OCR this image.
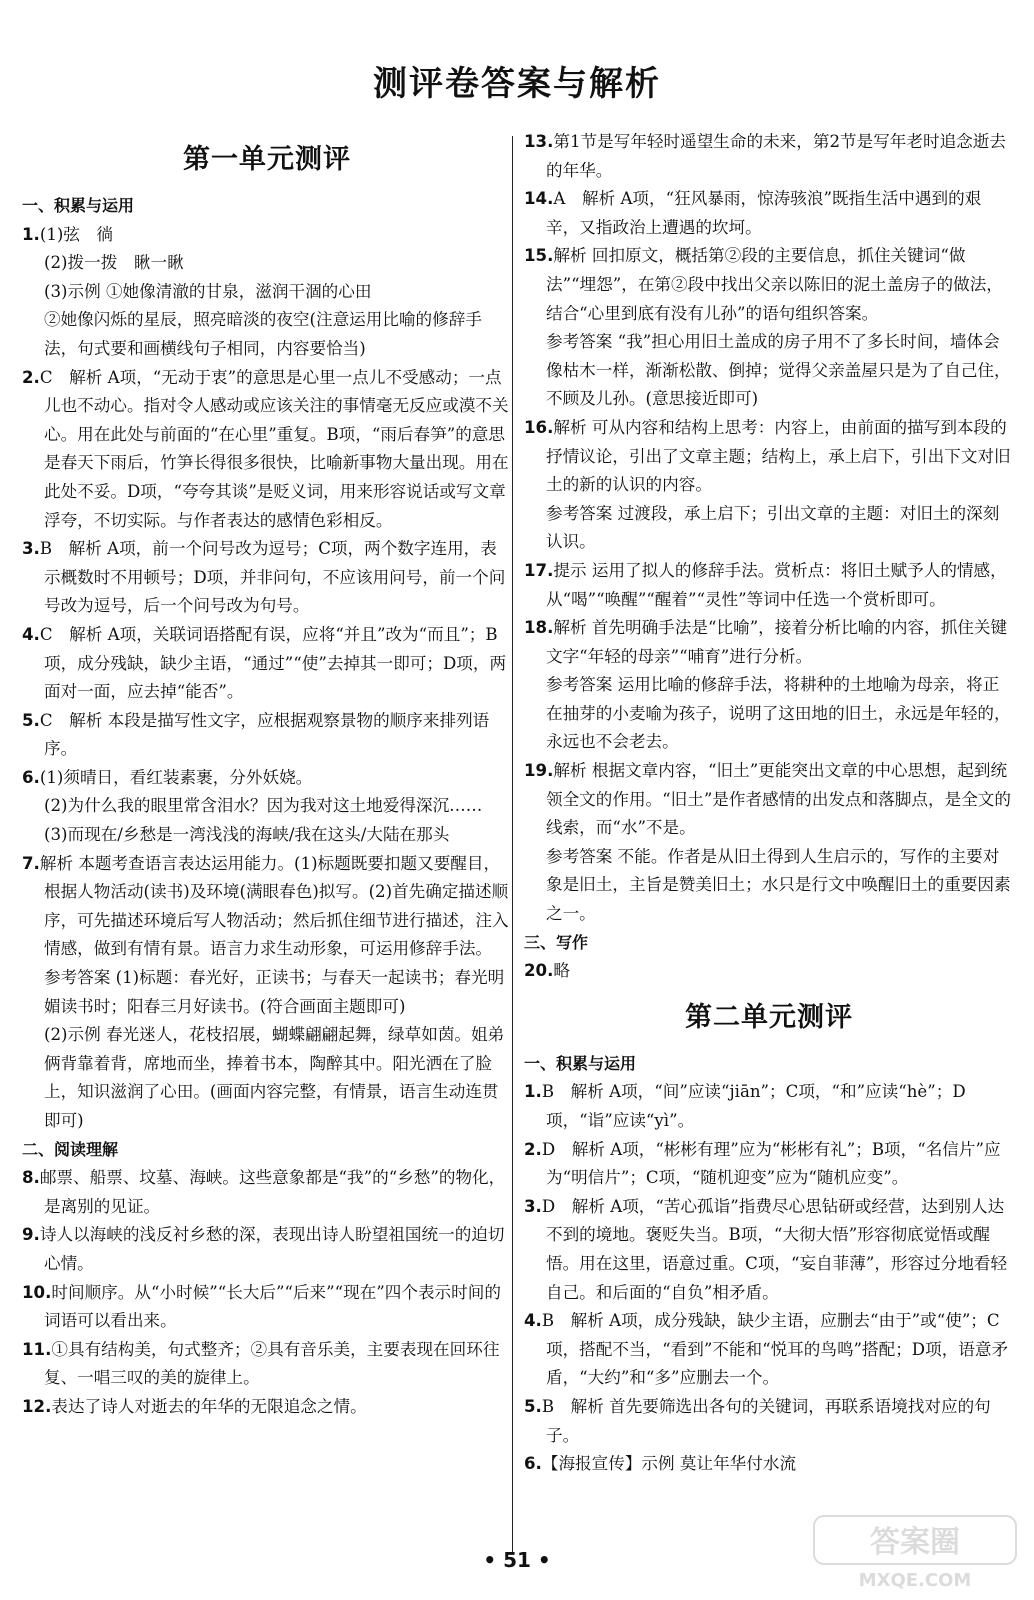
测评卷答案与解析
第一单元测评
一、积累与运用
1.(1)弦　徜
(2)拨一拨　瞅一瞅
(3)示例 ①她像清澈的甘泉，滋润干涸的心田
②她像闪烁的星辰，照亮暗淡的夜空(注意运用比喻的修辞手法，句式要和画横线句子相同，内容要恰当)
2.C　解析 A项，“无动于衷”的意思是心里一点儿不受感动；一点儿也不动心。指对令人感动或应该关注的事情毫无反应或漠不关心。用在此处与前面的“在心里”重复。B项，“雨后春笋”的意思是春天下雨后，竹笋长得很多很快，比喻新事物大量出现。用在此处不妥。D项，“夸夸其谈”是贬义词，用来形容说话或写文章浮夸，不切实际。与作者表达的感情色彩相反。
3.B　解析 A项，前一个问号改为逗号；C项，两个数字连用，表示概数时不用顿号；D项，并非问句，不应该用问号，前一个问号改为逗号，后一个问号改为句号。
4.C　解析 A项，关联词语搭配有误，应将“并且”改为“而且”；B项，成分残缺，缺少主语，“通过”“使”去掉其一即可；D项，两面对一面，应去掉“能否”。
5.C　解析 本段是描写性文字，应根据观察景物的顺序来排列语序。
6.(1)须晴日，看红装素裹，分外妖娆。
(2)为什么我的眼里常含泪水？因为我对这土地爱得深沉……
(3)而现在/乡愁是一湾浅浅的海峡/我在这头/大陆在那头
7.解析 本题考查语言表达运用能力。(1)标题既要扣题又要醒目，根据人物活动(读书)及环境(满眼春色)拟写。(2)首先确定描述顺序，可先描述环境后写人物活动；然后抓住细节进行描述，注入情感，做到有情有景。语言力求生动形象，可运用修辞手法。
参考答案 (1)标题：春光好，正读书；与春天一起读书；春光明媚读书时；阳春三月好读书。(符合画面主题即可)
(2)示例 春光迷人，花枝招展，蝴蝶翩翩起舞，绿草如茵。姐弟俩背靠着背，席地而坐，捧着书本，陶醉其中。阳光洒在了脸上，知识滋润了心田。(画面内容完整，有情景，语言生动连贯即可)
二、阅读理解
8.邮票、船票、坟墓、海峡。这些意象都是“我”的“乡愁”的物化，是离别的见证。
9.诗人以海峡的浅反衬乡愁的深，表现出诗人盼望祖国统一的迫切心情。
10.时间顺序。从“小时候”“长大后”“后来”“现在”四个表示时间的词语可以看出来。
11.①具有结构美，句式整齐；②具有音乐美，主要表现在回环往复、一唱三叹的美的旋律上。
12.表达了诗人对逝去的年华的无限追念之情。
13.第1节是写年轻时遥望生命的未来，第2节是写年老时追念逝去的年华。
14.A　解析 A项，“狂风暴雨，惊涛骇浪”既指生活中遇到的艰辛，又指政治上遭遇的坎坷。
15.解析 回扣原文，概括第②段的主要信息，抓住关键词“做法”“埋怨”，在第②段中找出父亲以陈旧的泥土盖房子的做法，结合“心里到底有没有儿孙”的语句组织答案。
参考答案 “我”担心用旧土盖成的房子用不了多长时间，墙体会像枯木一样，渐渐松散、倒掉；觉得父亲盖屋只是为了自己住，不顾及儿孙。(意思接近即可)
16.解析 可从内容和结构上思考：内容上，由前面的描写到本段的抒情议论，引出了文章主题；结构上，承上启下，引出下文对旧土的新的认识的内容。
参考答案 过渡段，承上启下；引出文章的主题：对旧土的深刻认识。
17.提示 运用了拟人的修辞手法。赏析点：将旧土赋予人的情感，从“喝”“唤醒”“醒着”“灵性”等词中任选一个赏析即可。
18.解析 首先明确手法是“比喻”，接着分析比喻的内容，抓住关键文字“年轻的母亲”“哺育”进行分析。
参考答案 运用比喻的修辞手法，将耕种的土地喻为母亲，将正在抽芽的小麦喻为孩子，说明了这田地的旧土，永远是年轻的，永远也不会老去。
19.解析 根据文章内容，“旧土”更能突出文章的中心思想，起到统领全文的作用。“旧土”是作者感情的出发点和落脚点，是全文的线索，而“水”不是。
参考答案 不能。作者是从旧土得到人生启示的，写作的主要对象是旧土，主旨是赞美旧土；水只是行文中唤醒旧土的重要因素之一。
三、写作
20.略
第二单元测评
一、积累与运用
1.B　解析 A项，“间”应读“jiān”；C项，“和”应读“hè”；D项，“诣”应读“yì”。
2.D　解析 A项，“彬彬有理”应为“彬彬有礼”；B项，“名信片”应为“明信片”；C项，“随机迎变”应为“随机应变”。
3.D　解析 A项，“苦心孤诣”指费尽心思钻研或经营，达到别人达不到的境地。褒贬失当。B项，“大彻大悟”形容彻底觉悟或醒悟。用在这里，语意过重。C项，“妄自菲薄”，形容过分地看轻自己。和后面的“自负”相矛盾。
4.B　解析 A项，成分残缺，缺少主语，应删去“由于”或“使”；C项，搭配不当，“看到”不能和“悦耳的鸟鸣”搭配；D项，语意矛盾，“大约”和“多”应删去一个。
5.B　解析 首先要筛选出各句的关键词，再联系语境找对应的句子。
6.【海报宣传】示例 莫让年华付水流
• 51 •	答案圈
MXQE.COM
